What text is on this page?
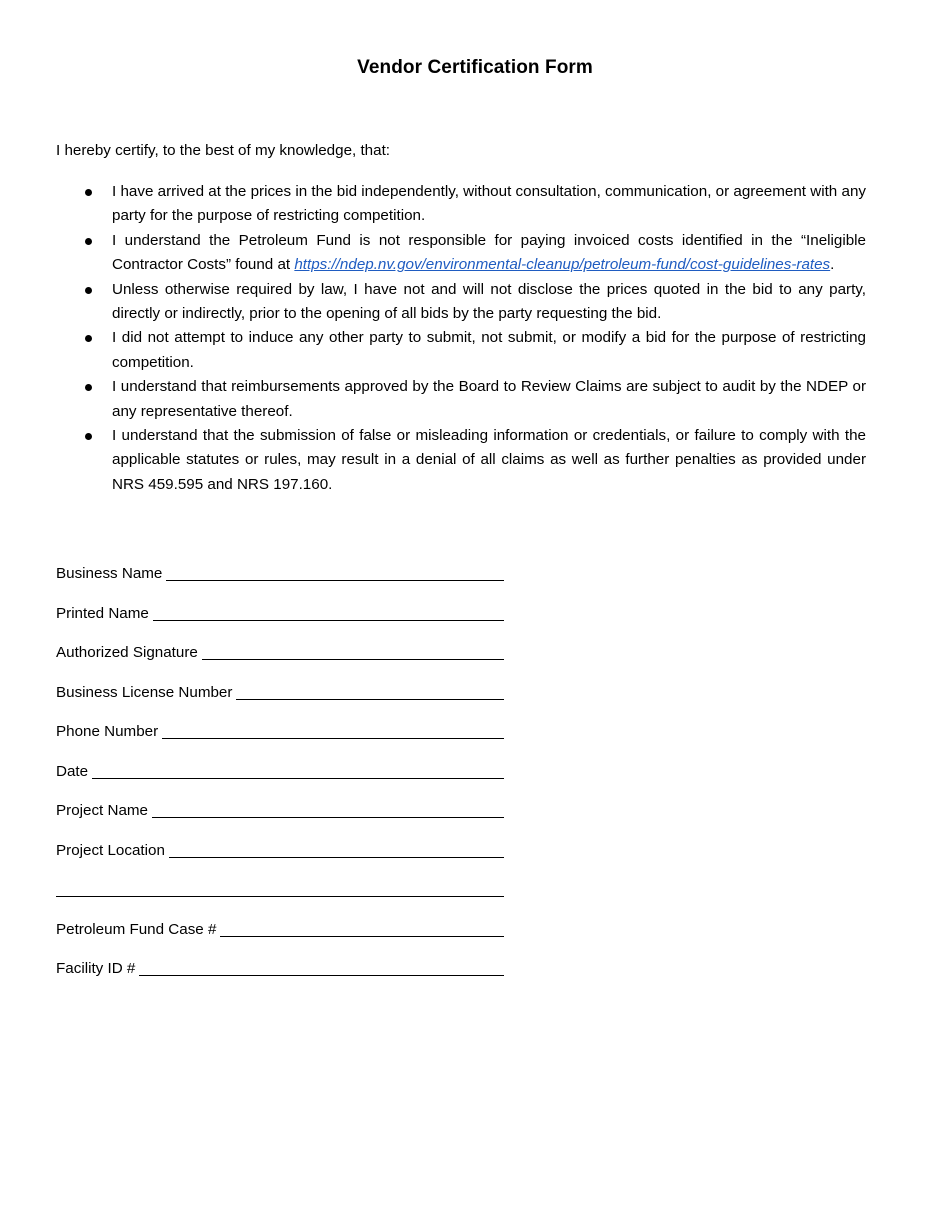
Vendor Certification Form
I hereby certify, to the best of my knowledge, that:
I have arrived at the prices in the bid independently, without consultation, communication, or agreement with any party for the purpose of restricting competition.
I understand the Petroleum Fund is not responsible for paying invoiced costs identified in the “Ineligible Contractor Costs” found at https://ndep.nv.gov/environmental-cleanup/petroleum-fund/cost-guidelines-rates.
Unless otherwise required by law, I have not and will not disclose the prices quoted in the bid to any party, directly or indirectly, prior to the opening of all bids by the party requesting the bid.
I did not attempt to induce any other party to submit, not submit, or modify a bid for the purpose of restricting competition.
I understand that reimbursements approved by the Board to Review Claims are subject to audit by the NDEP or any representative thereof.
I understand that the submission of false or misleading information or credentials, or failure to comply with the applicable statutes or rules, may result in a denial of all claims as well as further penalties as provided under NRS 459.595 and NRS 197.160.
Business Name
Printed Name
Authorized Signature
Business License Number
Phone Number
Date
Project Name
Project Location
Petroleum Fund Case #
Facility ID #
